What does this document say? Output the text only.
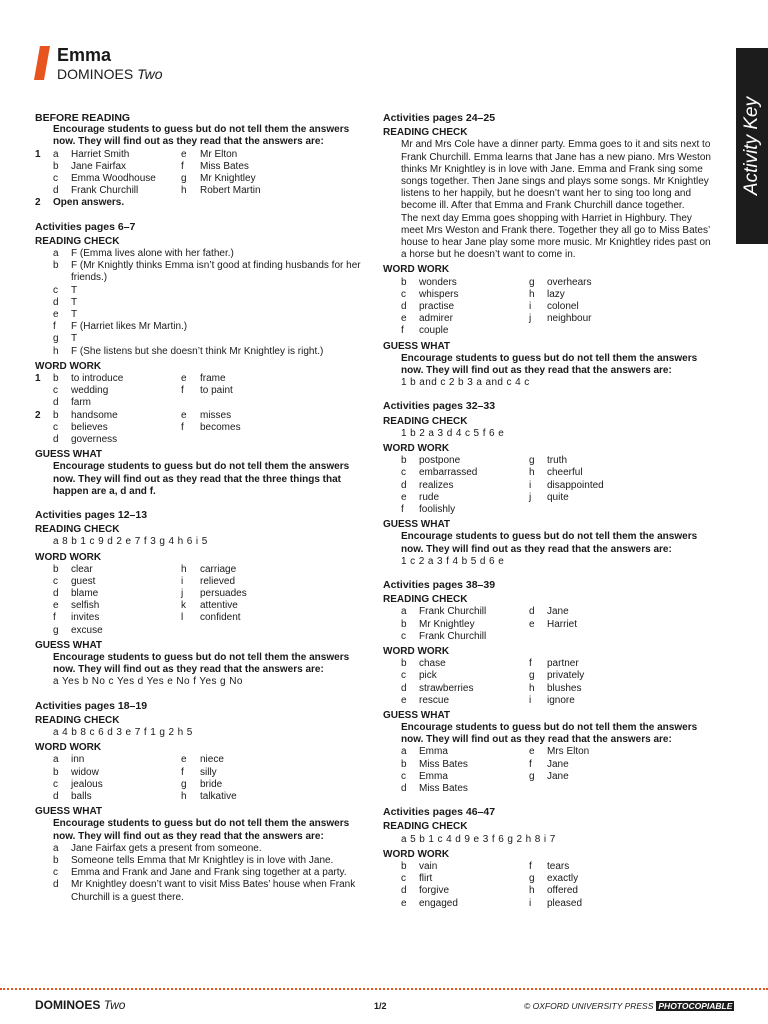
Emma
DOMINOES Two
Activity Key
BEFORE READING
Encourage students to guess but do not tell them the answers now. They will find out as they read that the answers are:
1 a Harriet Smith	e Mr Elton
b Jane Fairfax	f Miss Bates
c Emma Woodhouse	g Mr Knightley
d Frank Churchill	h Robert Martin
2 Open answers.
Activities pages 6–7
READING CHECK
a	F (Emma lives alone with her father.)
b	F (Mr Knightly thinks Emma isn’t good at finding husbands for her friends.)
c	T
d	T
e	T
f	F (Harriet likes Mr Martin.)
g	T
h	F (She listens but she doesn’t think Mr Knightley is right.)
WORD WORK
1 b to introduce	e frame
c wedding	f to paint
d farm
2 b handsome	e misses
c believes	f becomes
d governess
GUESS WHAT
Encourage students to guess but do not tell them the answers now. They will find out as they read that the three things that happen are a, d and f.
Activities pages 12–13
READING CHECK
a 8 b 1 c 9 d 2 e 7 f 3 g 4 h 6 i 5
WORD WORK
b clear	h carriage
c guest	i relieved
d blame	j persuades
e selfish	k attentive
f invites	l confident
g excuse
GUESS WHAT
Encourage students to guess but do not tell them the answers now. They will find out as they read that the answers are:
a Yes b No c Yes d Yes e No f Yes g No
Activities pages 18–19
READING CHECK
a 4 b 8 c 6 d 3 e 7 f 1 g 2 h 5
WORD WORK
a inn	e niece
b widow	f silly
c jealous	g bride
d balls	h talkative
GUESS WHAT
Encourage students to guess but do not tell them the answers now. They will find out as they read that the answers are:
a	Jane Fairfax gets a present from someone.
b	Someone tells Emma that Mr Knightley is in love with Jane.
c	Emma and Frank and Jane and Frank sing together at a party.
d	Mr Knightley doesn’t want to visit Miss Bates’ house when Frank Churchill is a guest there.
Activities pages 24–25
READING CHECK
Mr and Mrs Cole have a dinner party. Emma goes to it and sits next to Frank Churchill. Emma learns that Jane has a new piano. Mrs Weston thinks Mr Knightley is in love with Jane. Emma and Frank sing some songs together. Then Jane sings and plays some songs. Mr Knightley listens to her happily, but he doesn’t want her to sing too long and become ill. After that Emma and Frank Churchill dance together.
The next day Emma goes shopping with Harriet in Highbury. They meet Mrs Weston and Frank there. Together they all go to Miss Bates’ house to hear Jane play some more music. Mr Knightley rides past on a horse but he doesn’t want to come in.
WORD WORK
b wonders	g overhears
c whispers	h lazy
d practise	i colonel
e admirer	j neighbour
f couple
GUESS WHAT
Encourage students to guess but do not tell them the answers now. They will find out as they read that the answers are:
1 b and c 2 b 3 a and c 4 c
Activities pages 32–33
READING CHECK
1 b 2 a 3 d 4 c 5 f 6 e
WORD WORK
b postpone	g truth
c embarrassed	h cheerful
d realizes	i disappointed
e rude	j quite
f foolishly
GUESS WHAT
Encourage students to guess but do not tell them the answers now. They will find out as they read that the answers are:
1 c 2 a 3 f 4 b 5 d 6 e
Activities pages 38–39
READING CHECK
a Frank Churchill	d Jane
b Mr Knightley	e Harriet
c Frank Churchill
WORD WORK
b chase	f partner
c pick	g privately
d strawberries	h blushes
e rescue	i ignore
GUESS WHAT
Encourage students to guess but do not tell them the answers now. They will find out as they read that the answers are:
a Emma	e Mrs Elton
b Miss Bates	f Jane
c Emma	g Jane
d Miss Bates
Activities pages 46–47
READING CHECK
a 5 b 1 c 4 d 9 e 3 f 6 g 2 h 8 i 7
WORD WORK
b vain	f tears
c flirt	g exactly
d forgive	h offered
e engaged	i pleased
DOMINOES Two	1/2	© OXFORD UNIVERSITY PRESS PHOTOCOPIABLE
